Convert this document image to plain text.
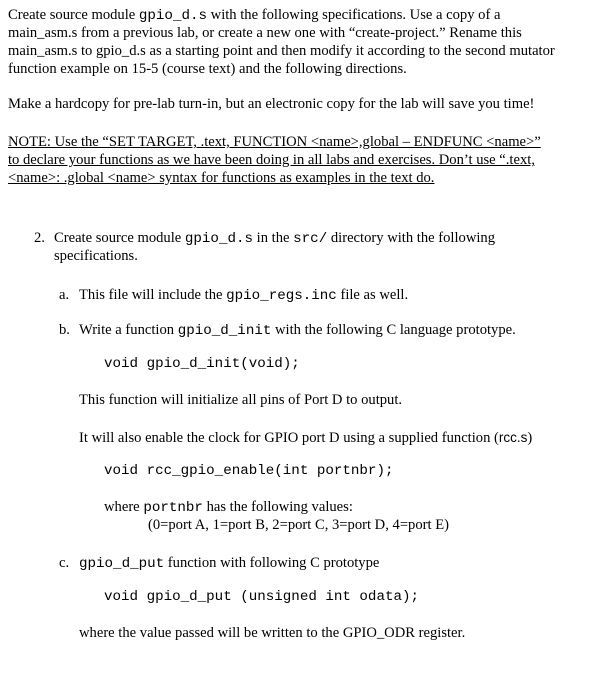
Create source module gpio_d.s with the following specifications. Use a copy of a
main_asm.s from a previous lab, or create a new one with “create-project.” Rename this
main_asm.s to gpio_d.s as a starting point and then modify it according to the second mutator
function example on 15-5 (course text) and the following directions.
Make a hardcopy for pre-lab turn-in, but an electronic copy for the lab will save you time!
NOTE: Use the “SET TARGET, .text, FUNCTION <name>,global – ENDFUNC <name>”
to declare your functions as we have been doing in all labs and exercises. Don’t use “.text,
<name>: .global <name> syntax for functions as examples in the text do.
2. Create source module gpio_d.s in the src/ directory with the following
specifications.
a. This file will include the gpio_regs.inc file as well.
b. Write a function gpio_d_init with the following C language prototype.
void gpio_d_init(void);
This function will initialize all pins of Port D to output.
It will also enable the clock for GPIO port D using a supplied function (rcc.s)
void rcc_gpio_enable(int portnbr);
where portnbr has the following values:
(0=port A, 1=port B, 2=port C, 3=port D, 4=port E)
c. gpio_d_put function with following C prototype
void gpio_d_put (unsigned int odata);
where the value passed will be written to the GPIO_ODR register.
